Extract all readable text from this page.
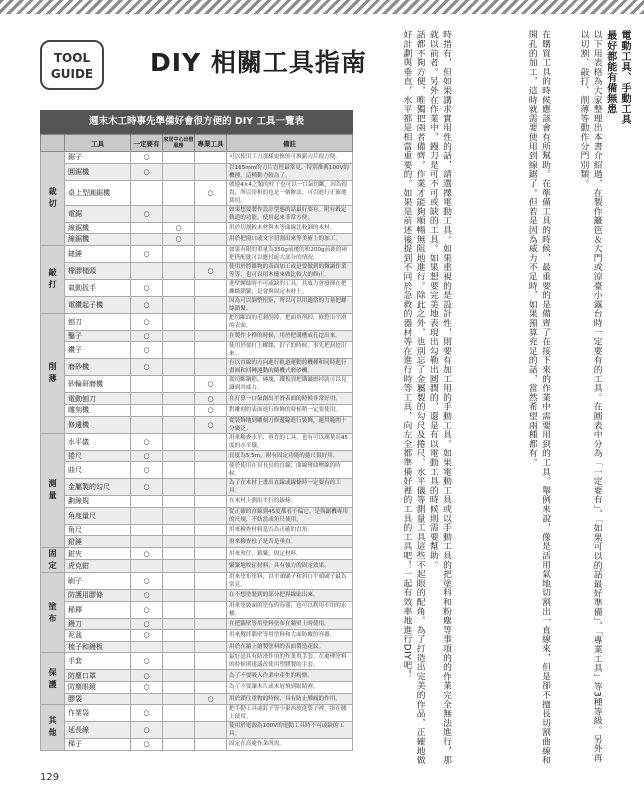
TOOL
GUIDE	DIY 相關工具指南
週末木工時事先準備好會很方便的 DIY 工具一覽表
	工具	一定要有	家居中心出借服務	專業工具	備註

裁
切	鋸子	○			可以使用工刀那樣更換的可換鋸刃片很方便。
	圓鋸機	○			以165mm的刀片直徑最常見。特別推薦100V的機種，這種動力較為了。
	桌上型圓鋸機			○	就連4×4之類的柱子也可以一口氣切斷，因為很貴，所以用租的也是一個辦法，可以進行正確地裁切。
	電鋸	○			如果想要製作設計型態的話最好要有。附有穀定軌道的功能，使用起來非常方便。
	線鋸機		○		用於切割較木材與木等曲線比較細的木材。
	線鋸機		○		用於把窗口或文字切割出來等美術上的加工。

敲
打	鎚錘	○			如果有限的重量為350g前後的和200g前後的兩把搭配就可以應付絕大部分的情況。
	橡膠槌頭			○	使用於將雜物的表面加工或是要做到的微調作業等等，也可以用木槌來做比較大的修正。
	氣動扳手	○			進壁螺絲時不可或缺的工具，其威力會發揮在把螺絲鎖緊，是會與固定木材上。
	電鑽起子機	○			因為可以調整扭矩，所以可以用適當的力量把螺絲鎖緊。

削
薄	刨刀	○			把切斷面的毛刺削掉，把面角削掉，修整出平滑的表面。
	鑿子	○			在製作卡榫的時候，用於把溝槽或孔挖出來。
	鑽子	○			使用於要打上螺絲，釘子的時候，事先把洞挖出來。
	磨砂機	○			有以直線的方向進行軌道運動的機種和同時進行畫圓和回轉運動的隨機式磨砂機。
	砂輪研磨機			○	從切斷鋼筋，磚塊，鐵板到把鐵鏽磨掉就可以見識到其威力。
	電動刨刀			○	在打算一口氣創出平滑表面的時候非常好用。
	雕刻機			○	對雕刻的表面進行修飾的時候稍一定要使用。
	修邊機			○	從裝飾地到雕刻刀修邊線進行裝飾，運用範圍十分廣泛。

測
量	水平儀	○			用來檢查水平，垂直的工具。也有可以測量出45度的水平儀。
	捲尺	○			長度為5.5m，附有固定功能的捲尺很好用。
	曲尺	○			使於使用在具長長的直線，曲線彎曲壓線的時候。
	金屬製的勾尺	○			為了在木材上畫出直線或線條時一定要有的工具。
	劃線規				在木材上劃出平行的線條。
	角度量尺				從正確的直線到45度都看不偏它。是與鋸機專用的尺規，不妨當成角尺使用。
	角尺				用來檢查材料是否為正確的直角。
	鉛錘				用來檢查柱子是否是垂直。

固
定	鉗夾	○			用來夾住，鎖緊，固定材料。
	虎克鉗				緊緊地咬住材料，具有強力的固定效果。

塗
布	刷子	○			用來塗布塗料，以平頭刷子和斜口平頭刷子最為常見。
	防護用膠條	○			在不想塗裝到的部分把界線貼出來。
	稀釋	○			用來塗裝面的塗布的容器，也可以利用不用的水桶。
	鏝刀	○			在把牆壁等用塗料塗布在牆壁上時使用。
	泥盆	○			用來攪拌牆壁等用塗料和大面防覆的容器。
	梳子和鏝板				用於在牆上繪製塗料的表面製造花紋。

保
護	手套	○			最好是具有防滑作用的作業用手套。在處理塗料的時候則建議改使用塑膠製的手套。
	防塵口罩	○			為了不要吸入作業中產生的粉塵。
	防塵眼鏡	○			為了不要讓木片或木屑飛到眼睛裡。
	膠袋			○	用於鎖住重物的時候，具有防止腫痛的作用。

其
他	作業袋	○			把手動工具或釘子等小東西放進袋子裡，掛在腰上使用。
	延長線	○			使用於電源為100V的電動工具時不可或缺的工具。
	梯子	○			固定在高處作業所需。
電動工具、手動工具
最好都能有備無患
以下用表格為大家整理出本書介紹過，在製作籬笆＆大門或涼臺小露台時一定要有的工具。在圓表中分為「一定要有」、「如果可以的話最好準備」、「專業工具」等3種等級。另外再以切割、敲打、削薄等動作分門別類。
在購買工具的時候應該會有所幫助。在準備工具的時候，最重要的是備齊了在接下來的作業中需要用到的工具。舉例來說，像是活用氣地切割出一直線來，但是卻不擅長切割曲線和開孔的加工，這時就需要使用到線鋸了。但若是因為威力不足時，如果預算充足的話，當然希望兩種都有。
時措有，但如果講求實用性的話，請選擇電動工具。如果重視的是設計性，則要有加工用的手動工具。如果電動工具或以手動工具的把塗料和粉塵等事項的的作業完全無法進行，那就以前者。另外在作業中，鏝刀是可不可或缺的工具。如果想要完美地表現出勾勒出圓潤的，還是有以電動工具的時候則需要幫助。
話都不夠方便，唯獨把兩者備齊，作業才能夠順暢無阻地進行。除此之外，也別忘了金屬製的勾尺及捲尺、水平儀等測量工具這些不起眼的配角。為了打造出完美的作品，正確地做好計劃與垂直，水平都是相當重要的。如果是前述後提到不同於急救的器材等在進行時等工具，向左全都準備好裡的工具的工具吧！一起有效率地進行DIY吧！
129
